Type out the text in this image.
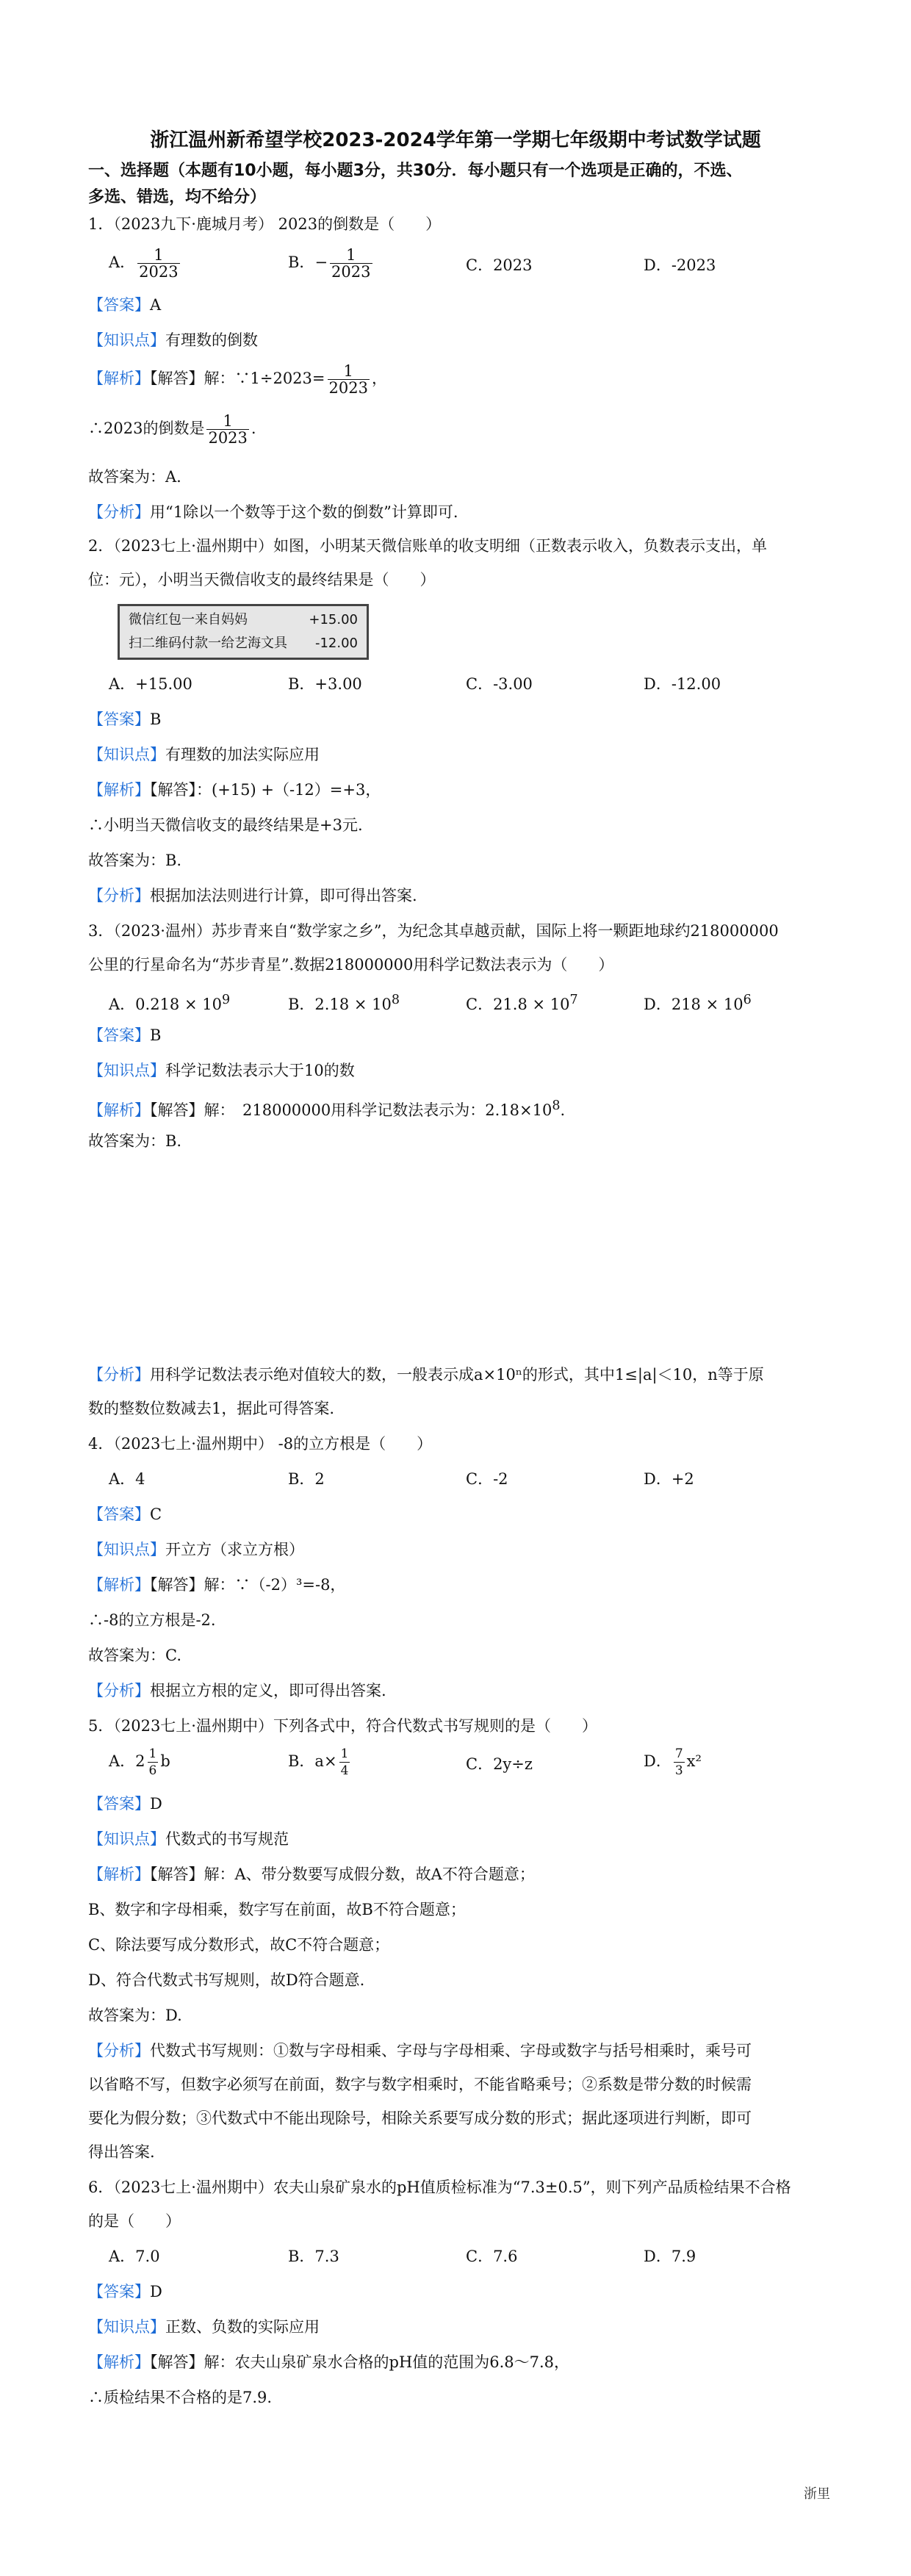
浙江温州新希望学校2023-2024学年第一学期七年级期中考试数学试题
一、选择题（本题有10小题，每小题3分，共30分．每小题只有一个选项是正确的，不选、
多选、错选，均不给分）
1．（2023九下·鹿城月考） 2023的倒数是（　　）
A． $\frac{1}{2023}$	B．− $\frac{1}{2023}$	C．2023	D．-2023
【答案】A
【知识点】有理数的倒数
【解析】【解答】解：∵1÷2023= $\frac{1}{2023}$ ，
∴2023的倒数是 $\frac{1}{2023}$ .
故答案为：A.
【分析】用“1除以一个数等于这个数的倒数”计算即可.
2．（2023七上·温州期中）如图，小明某天微信账单的收支明细（正数表示收入，负数表示支出，单
位：元），小明当天微信收支的最终结果是（　　）
微信红包一来自妈妈	+15.00
扫二维码付款一给艺海文具 -12.00
A．+15.00	B．+3.00	C．-3.00	D．-12.00
【答案】B
【知识点】有理数的加法实际应用
【解析】【解答】：(+15) +（-12）=+3，
∴小明当天微信收支的最终结果是+3元.
故答案为：B.
【分析】根据加法法则进行计算，即可得出答案.
3．（2023·温州）苏步青来自“数学家之乡”，为纪念其卓越贡献，国际上将一颗距地球约218000000
公里的行星命名为“苏步青星”.数据218000000用科学记数法表示为（　　）
A．$0.218 \times 10^9$	B．$2.18 \times 10^8$	C．$21.8 \times 10^7$	D．$218 \times 10^6$
【答案】B
【知识点】科学记数法表示大于10的数
【解析】【解答】解：　218000000用科学记数法表示为：$2.18\times 10^8$.
故答案为：B.
【分析】用科学记数法表示绝对值较大的数，一般表示成a×10ⁿ的形式，其中1≤|a|＜10，n等于原
数的整数位数减去1，据此可得答案.
4．（2023七上·温州期中） -8的立方根是（　　）
A．4	B．2	C．-2	D．+2
【答案】C
【知识点】开立方（求立方根）
【解析】【解答】解：∵（-2）³=-8，
∴-8的立方根是-2.
故答案为：C.
【分析】根据立方根的定义，即可得出答案.
5．（2023七上·温州期中）下列各式中，符合代数式书写规则的是（　　）
A．$2 \frac{1}{6}$ b	B．$a\times \frac{1}{4}$	C．2y÷z	D． $\frac{7}{3} x^2$
【答案】D
【知识点】代数式的书写规范
【解析】【解答】解：A、带分数要写成假分数，故A不符合题意；
B、数字和字母相乘，数字写在前面，故B不符合题意；
C、除法要写成分数形式，故C不符合题意；
D、符合代数式书写规则，故D符合题意.
故答案为：D.
【分析】代数式书写规则：①数与字母相乘、字母与字母相乘、字母或数字与括号相乘时，乘号可
以省略不写，但数字必须写在前面，数字与数字相乘时，不能省略乘号；②系数是带分数的时候需
要化为假分数；③代数式中不能出现除号，相除关系要写成分数的形式；据此逐项进行判断，即可
得出答案.
6．（2023七上·温州期中）农夫山泉矿泉水的pH值质检标准为“7.3±0.5”，则下列产品质检结果不合格
的是（　　）
A．7.0	B．7.3	C．7.6	D．7.9
【答案】D
【知识点】正数、负数的实际应用
【解析】【解答】解：农夫山泉矿泉水合格的pH值的范围为6.8～7.8，
∴质检结果不合格的是7.9.
浙里
